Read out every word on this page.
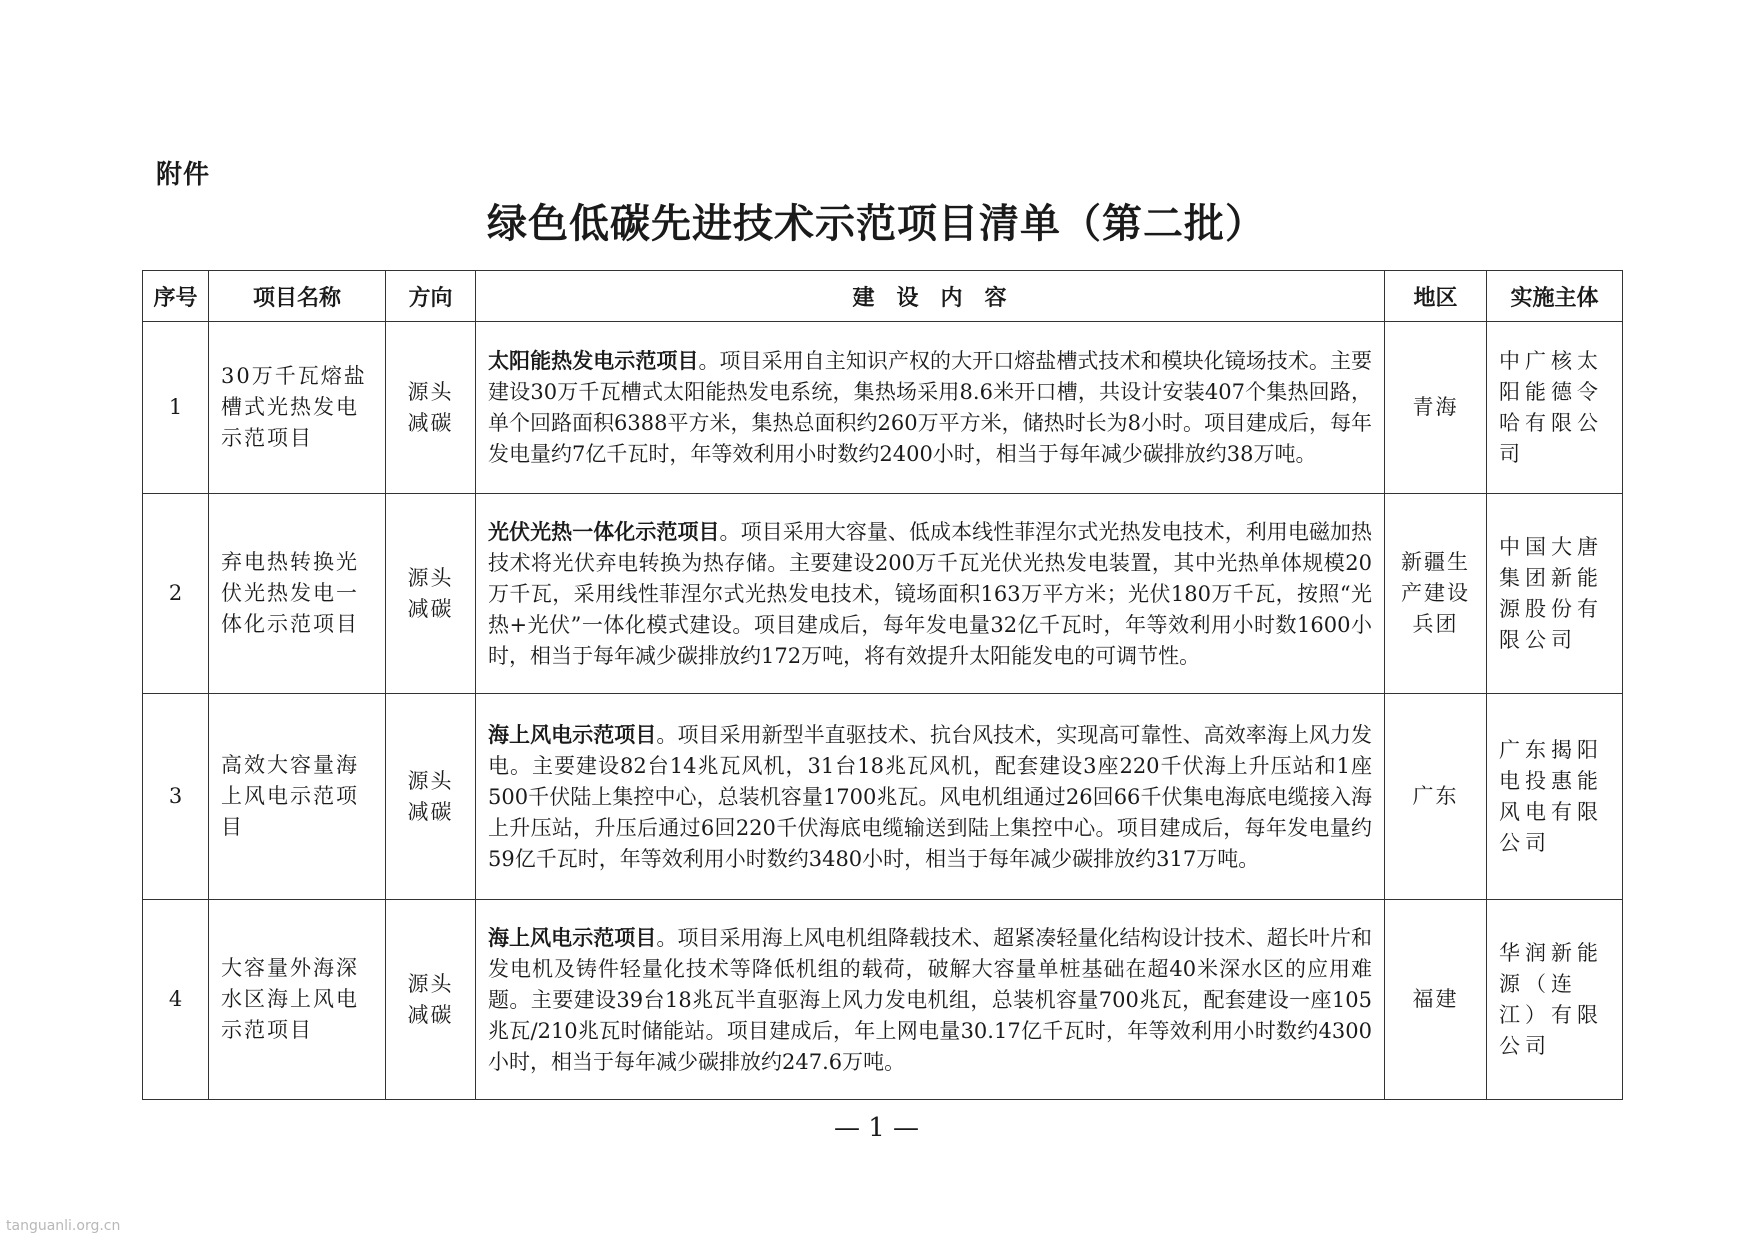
附件
绿色低碳先进技术示范项目清单（第二批）
序号	项目名称	方向	建设内容	地区	实施主体
1	30万千瓦熔盐槽式光热发电示范项目	源头减碳	太阳能热发电示范项目。项目采用自主知识产权的大开口熔盐槽式技术和模块化镜场技术。主要建设30万千瓦槽式太阳能热发电系统，集热场采用8.6米开口槽，共设计安装407个集热回路，单个回路面积6388平方米，集热总面积约260万平方米，储热时长为8小时。项目建成后，每年发电量约7亿千瓦时，年等效利用小时数约2400小时，相当于每年减少碳排放约38万吨。	青海	中广核太阳能德令哈有限公司
2	弃电热转换光伏光热发电一体化示范项目	源头减碳	光伏光热一体化示范项目。项目采用大容量、低成本线性菲涅尔式光热发电技术，利用电磁加热技术将光伏弃电转换为热存储。主要建设200万千瓦光伏光热发电装置，其中光热单体规模20万千瓦，采用线性菲涅尔式光热发电技术，镜场面积163万平方米；光伏180万千瓦，按照“光热+光伏”一体化模式建设。项目建成后，每年发电量32亿千瓦时，年等效利用小时数1600小时，相当于每年减少碳排放约172万吨，将有效提升太阳能发电的可调节性。	新疆生产建设兵团	中国大唐集团新能源股份有限公司
3	高效大容量海上风电示范项目	源头减碳	海上风电示范项目。项目采用新型半直驱技术、抗台风技术，实现高可靠性、高效率海上风力发电。主要建设82台14兆瓦风机，31台18兆瓦风机，配套建设3座220千伏海上升压站和1座500千伏陆上集控中心，总装机容量1700兆瓦。风电机组通过26回66千伏集电海底电缆接入海上升压站，升压后通过6回220千伏海底电缆输送到陆上集控中心。项目建成后，每年发电量约59亿千瓦时，年等效利用小时数约3480小时，相当于每年减少碳排放约317万吨。	广东	广东揭阳电投惠能风电有限公司
4	大容量外海深水区海上风电示范项目	源头减碳	海上风电示范项目。项目采用海上风电机组降载技术、超紧凑轻量化结构设计技术、超长叶片和发电机及铸件轻量化技术等降低机组的载荷，破解大容量单桩基础在超40米深水区的应用难题。主要建设39台18兆瓦半直驱海上风力发电机组，总装机容量700兆瓦，配套建设一座105兆瓦/210兆瓦时储能站。项目建成后，年上网电量30.17亿千瓦时，年等效利用小时数约4300小时，相当于每年减少碳排放约247.6万吨。	福建	华润新能源（连江）有限公司
— 1 —
tanguanli.org.cn
